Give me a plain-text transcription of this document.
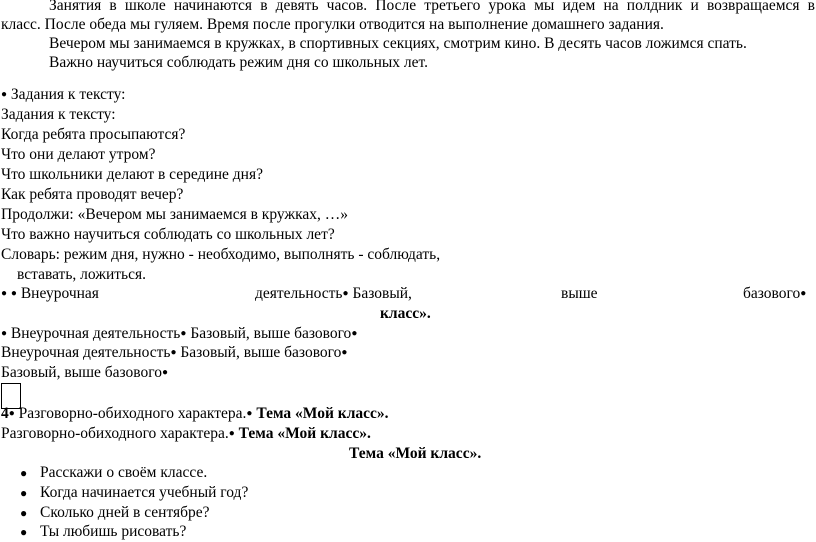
Занятия в школе начинаются в девять часов. После третьего урока мы идем на полдник и возвращаемся в
класс. После обеда мы гуляем. Время после прогулки отводится на выполнение домашнего задания.
Вечером мы занимаемся в кружках, в спортивных секциях, смотрим кино. В десять часов ложимся спать.
Важно научиться соблюдать режим дня со школьных лет.
● Задания к тексту:
Задания к тексту:
Когда ребята просыпаются?
Что они делают утром?
Что школьники делают в середине дня?
Как ребята проводят вечер?
Продолжи: «Вечером мы занимаемся в кружках, …»
Что важно научиться соблюдать со школьных лет?
Словарь: режим дня, нужно - необходимо, выполнять - соблюдать,
вставать, ложиться.
● ● Внеурочная	деятельность● Базовый,	выше	базового●
класс».
● Внеурочная деятельность● Базовый, выше базового●
Внеурочная деятельность● Базовый, выше базового●
Базовый, выше базового●
4● Разговорно-обиходного характера.● Тема «Мой класс».
Разговорно-обиходного характера.● Тема «Мой класс».
Тема «Мой класс».
● Расскажи о своём классе.
● Когда начинается учебный год?
● Сколько дней в сентябре?
● Ты любишь рисовать?
